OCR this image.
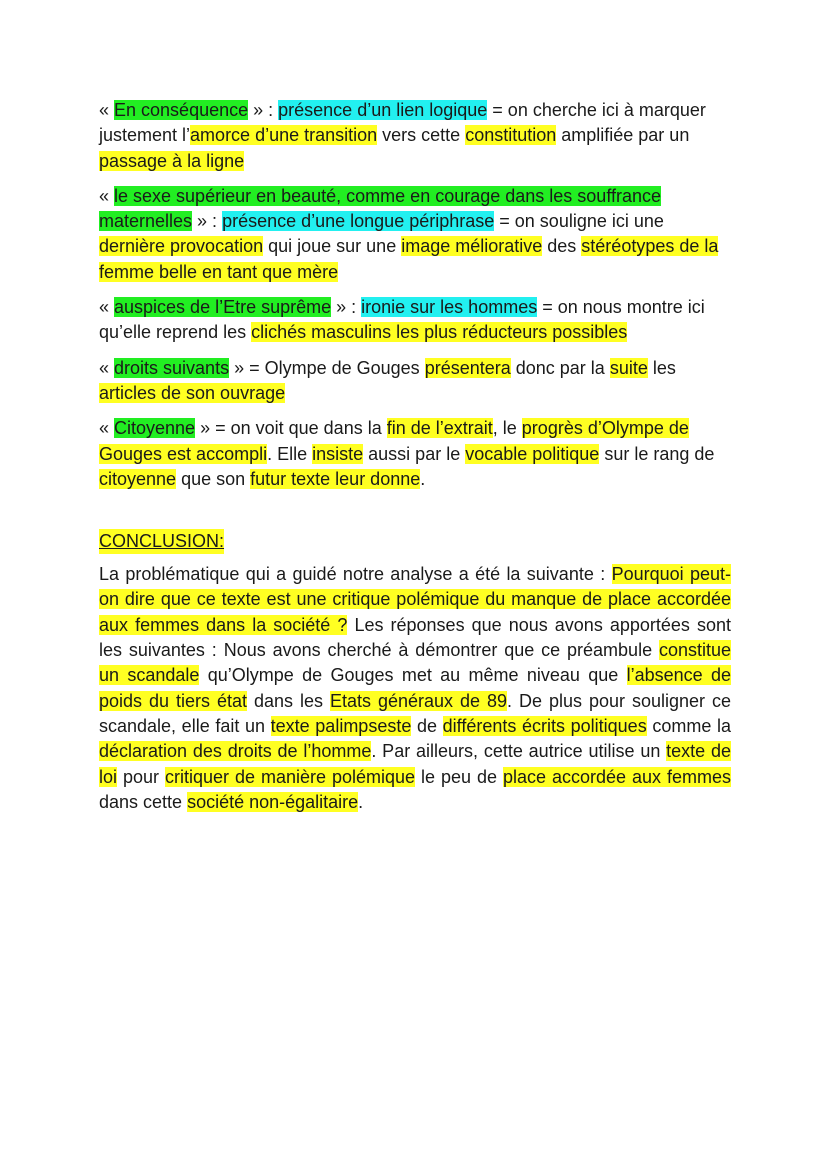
« En conséquence » : présence d’un lien logique = on cherche ici à marquer justement l’amorce d’une transition vers cette constitution amplifiée par un passage à la ligne

« le sexe supérieur en beauté, comme en courage dans les souffrance maternelles » : présence d’une longue périphrase = on souligne ici une dernière provocation qui joue sur une image méliorative des stéréotypes de la femme belle en tant que mère

« auspices de l’Etre suprême » : ironie sur les hommes = on nous montre ici qu’elle reprend les clichés masculins les plus réducteurs possibles

« droits suivants » = Olympe de Gouges présentera donc par la suite les articles de son ouvrage

« Citoyenne » = on voit que dans la fin de l’extrait, le progrès d’Olympe de Gouges est accompli. Elle insiste aussi par le vocable politique sur le rang de citoyenne que son futur texte leur donne.

CONCLUSION:

La problématique qui a guidé notre analyse a été la suivante : Pourquoi peut-on dire que ce texte est une critique polémique du manque de place accordée aux femmes dans la société ? Les réponses que nous avons apportées sont les suivantes : Nous avons cherché à démontrer que ce préambule constitue un scandale qu’Olympe de Gouges met au même niveau que l’absence de poids du tiers état dans les Etats généraux de 89. De plus pour souligner ce scandale, elle fait un texte palimpseste de différents écrits politiques comme la déclaration des droits de l’homme. Par ailleurs, cette autrice utilise un texte de loi pour critiquer de manière polémique le peu de place accordée aux femmes dans cette société non-égalitaire.
